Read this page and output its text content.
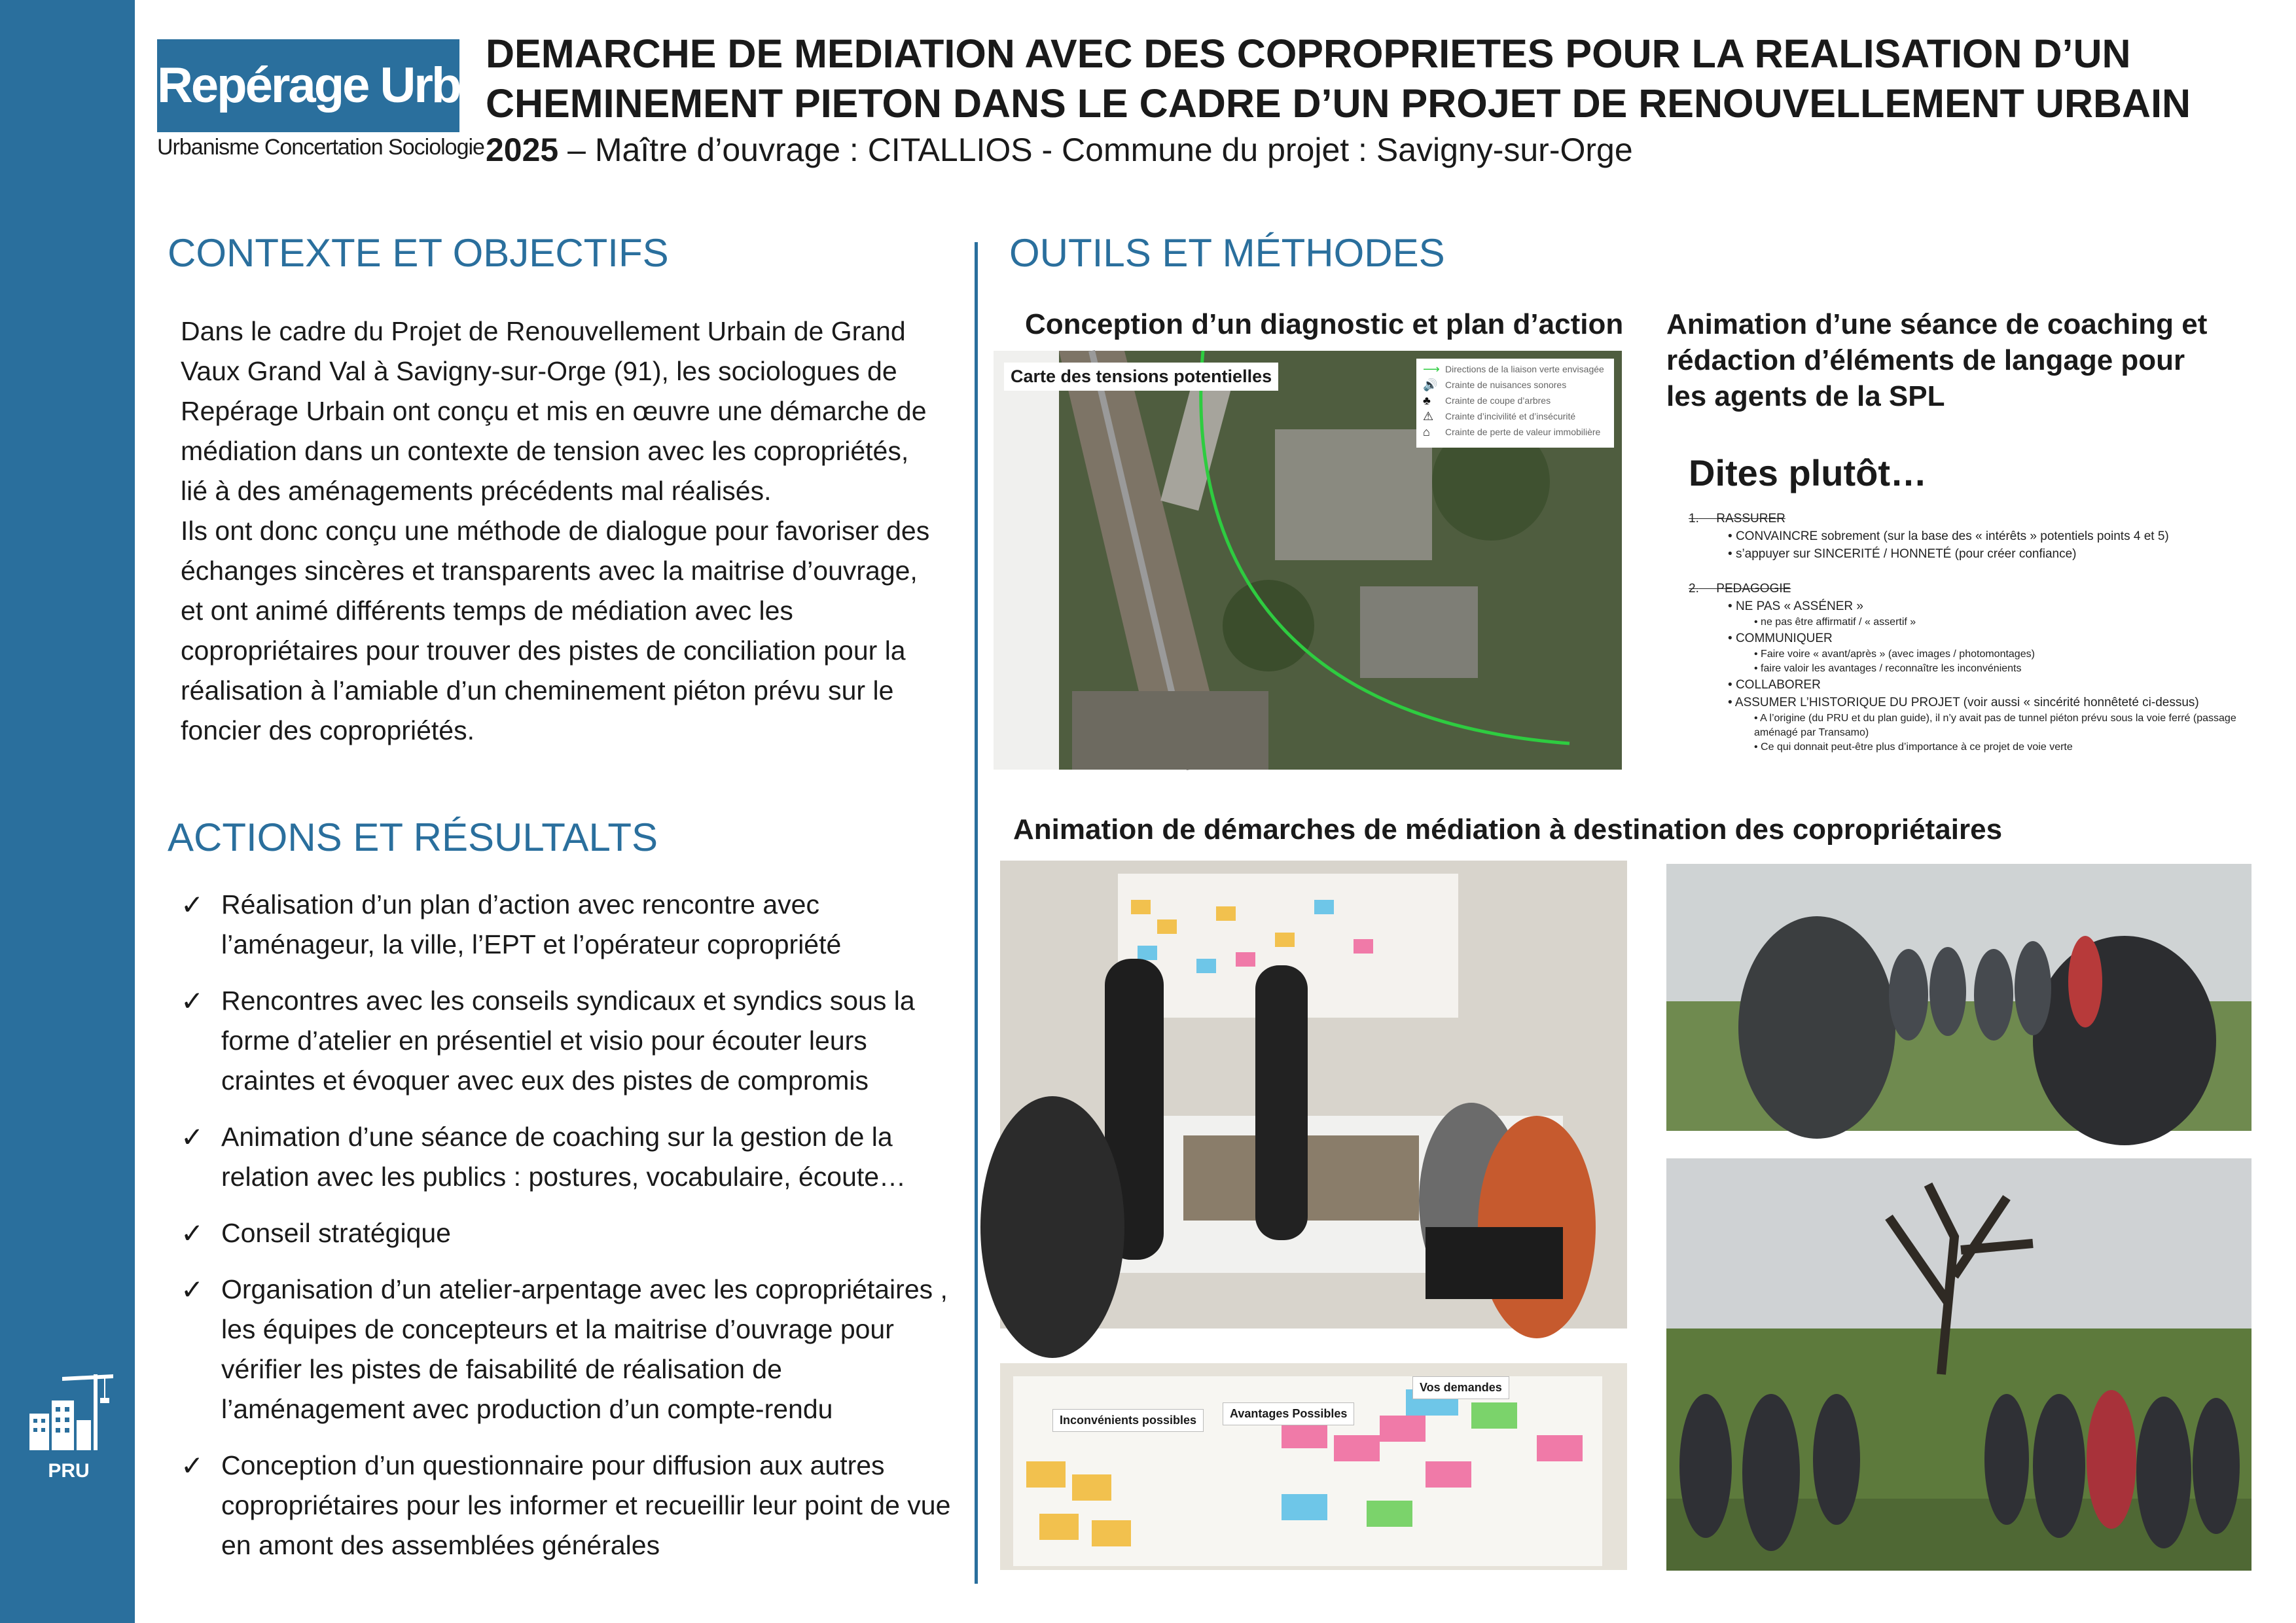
PRU
Repérage Urbain
Urbanisme Concertation Sociologie
DEMARCHE DE MEDIATION AVEC DES COPROPRIETES POUR LA REALISATION D’UN
CHEMINEMENT PIETON DANS LE CADRE D’UN PROJET DE RENOUVELLEMENT URBAIN
2025 – Maître d’ouvrage : CITALLIOS - Commune du projet : Savigny-sur-Orge
CONTEXTE ET OBJECTIFS

Dans le cadre du Projet de Renouvellement Urbain de Grand Vaux Grand Val à Savigny-sur-Orge (91), les sociologues de Repérage Urbain ont conçu et mis en œuvre une démarche de médiation dans un contexte de tension avec les copropriétés, lié à des aménagements précédents mal réalisés.

Ils ont donc conçu une méthode de dialogue pour favoriser des échanges sincères et transparents avec la maitrise d’ouvrage, et ont animé différents temps de médiation avec les copropriétaires pour trouver des pistes de conciliation pour la réalisation à l’amiable d’un cheminement piéton prévu sur le foncier des copropriétés.

ACTIONS ET RÉSULTALTS
✓ Réalisation d’un plan d’action avec rencontre avec l’aménageur, la ville, l’EPT et l’opérateur copropriété
✓ Rencontres avec les conseils syndicaux et syndics sous la forme d’atelier en présentiel et visio pour écouter leurs craintes et évoquer avec eux des pistes de compromis
✓ Animation d’une séance de coaching sur la gestion de la relation avec les publics : postures, vocabulaire, écoute…
✓ Conseil stratégique
✓ Organisation d’un atelier-arpentage avec les copropriétaires , les équipes de concepteurs et la maitrise d’ouvrage pour vérifier les pistes de faisabilité de réalisation de l’aménagement avec production d’un compte-rendu
✓ Conception d’un questionnaire pour diffusion aux autres copropriétaires pour les informer et recueillir leur point de vue en amont des assemblées générales
OUTILS ET MÉTHODES
Conception d’un diagnostic et plan d’action Animation d’une séance de coaching et rédaction d’éléments de langage pour les agents de la SPL
Carte des tensions potentielles	⟶ Directions de la liaison verte envisagée
🔊 Crainte de nuisances sonores
♣	Crainte de coupe d’arbres
⚠	Crainte d’incivilité et d’insécurité
⌂	Crainte de perte de valeur immobilière
Dites plutôt…
1. RASSURER
• CONVAINCRE sobrement (sur la base des « intérêts » potentiels points 4 et 5)
• s’appuyer sur SINCERITÉ / HONNETÉ (pour créer confiance)
2. PEDAGOGIE
• NE PAS « ASSÉNER »
• ne pas être affirmatif / « assertif »
• COMMUNIQUER
• Faire voire « avant/après » (avec images / photomontages)
• faire valoir les avantages / reconnaître les inconvénients
• COLLABORER
• ASSUMER L’HISTORIQUE DU PROJET (voir aussi « sincérité honnêteté ci-dessus)
• A l’origine (du PRU et du plan guide), il n’y avait pas de tunnel piéton prévu sous la voie ferré (passage aménagé par Transamo)
• Ce qui donnait peut-être plus d’importance à ce projet de voie verte
Animation de démarches de médiation à destination des copropriétaires
Inconvénients possibles	Avantages Possibles
Vos demandes
